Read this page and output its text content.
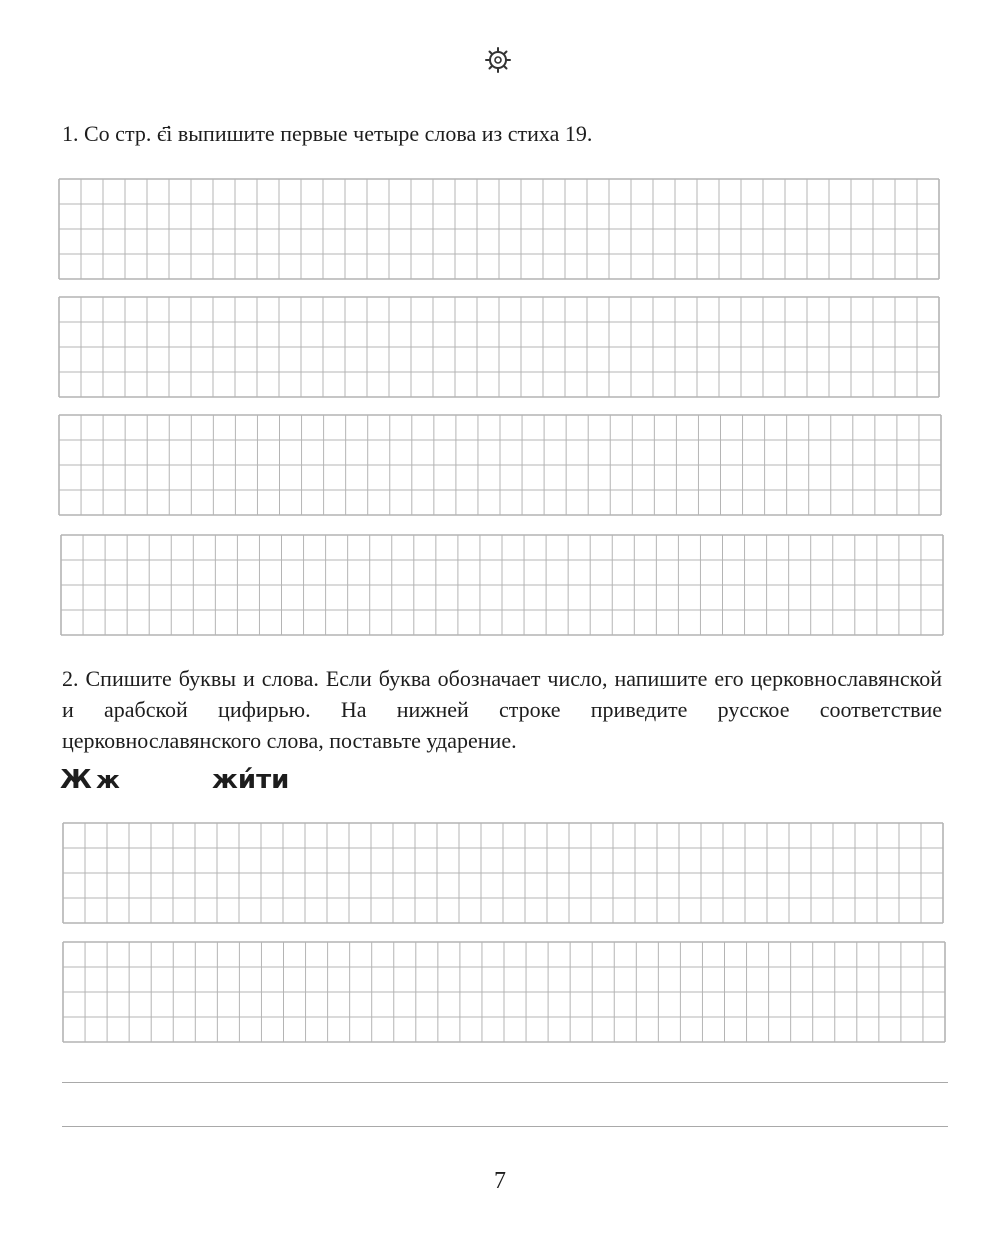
1. Со стр. є҃і выпишите первые четыре слова из стиха 19.

2. Спишите буквы и слова. Если буква обозначает число, напишите его церковнославянской и арабской цифирью. На нижней строке приведите русское соответствие церковнославянского слова, поставьте ударение.

Ж ж	жи́ти

7
